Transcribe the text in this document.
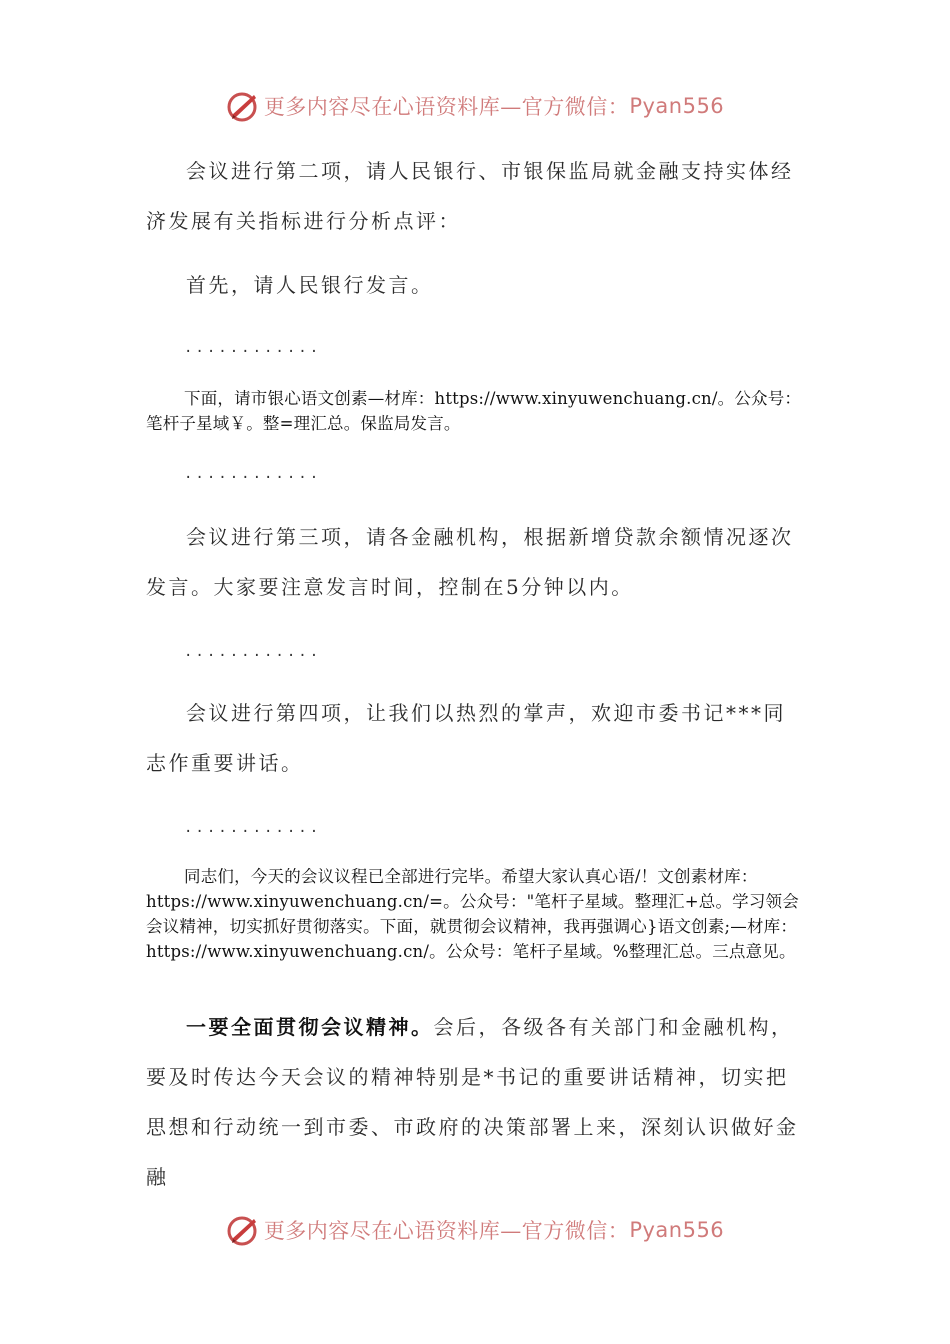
更多内容尽在心语资料库—官方微信： Pyan556

会议进行第二项，请人民银行、市银保监局就金融支持实体经济发展有关指标进行分析点评：

首先，请人民银行发言。

............

下面，请市银心语文创素—材库：https://www.xinyuwenchuang.cn/。公众号：笔杆子星域￥。整=理汇总。保监局发言。

............

会议进行第三项，请各金融机构，根据新增贷款余额情况逐次发言。大家要注意发言时间，控制在5分钟以内。

............

会议进行第四项，让我们以热烈的掌声，欢迎市委书记***同志作重要讲话。

............

同志们，今天的会议议程已全部进行完毕。希望大家认真心语/！文创素材库：https://www.xinyuwenchuang.cn/=。公众号："笔杆子星域。整理汇+总。学习领会会议精神，切实抓好贯彻落实。下面，就贯彻会议精神，我再强调心}语文创素;—材库：https://www.xinyuwenchuang.cn/。公众号：笔杆子星域。%整理汇总。三点意见。

一要全面贯彻会议精神。会后，各级各有关部门和金融机构，要及时传达今天会议的精神特别是*书记的重要讲话精神，切实把思想和行动统一到市委、市政府的决策部署上来，深刻认识做好金融

更多内容尽在心语资料库—官方微信： Pyan556
